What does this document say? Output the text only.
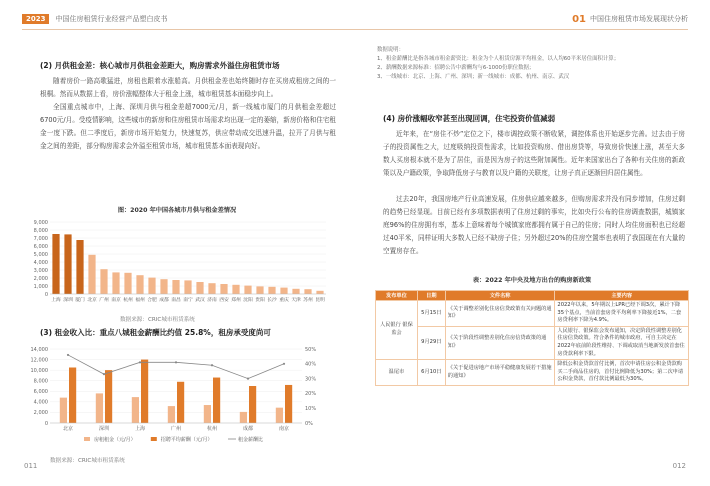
2023	中国住房租赁行业经营产品塑白皮书
(2) 月供租金差：核心城市月供租金差距大，购房需求外溢住房租赁市场
随着房价一路高歌猛进，房租也跟着水涨船高。月供租金差也始终随时存在买房成租房之间的一根桐。然而从数据上看，房价涨幅整体大于租金上涨，城市租赁基本面稳步向上。
全国重点城市中，上海、深圳月供与租金差超7000元/月，新一线城市厦门的月供租金差超过6700元/月。受疫情影响，这些城市的新房和住房租赁市场需求均出现一定的萎缩，新房价格和住宅租金一度下跌。但二季度后，新房市场开始复力，快速复苏，供应带动成交迅速升温，拉开了月供与租金之间的差距，部分购房需求会外溢至租赁市场，城市租赁基本面表现向好。
图：2020 年中国各城市月供与租金差情况
0
1,000
2,000
3,000
4,000
5,000
6,000
7,000
8,000
9,000
上海 深圳 厦门 北京 广州 南京 杭州 福州 合肥 成都 南昌 南宁 武汉 济南 西安 郑州 沈阳 贵阳 长沙 重庆 天津 苏州 昆明
数据来源：CRIC城市租赁系统
(3) 租金收入比：重点八城租金薪酬比约值 25.8%，租房承受度尚可
0
2,000
4,000
6,000
8,000
10,000
12,000
14,000
0%
10%
20%
30%
40%
50%
北京	深圳	上海	广州	杭州	成都	南京
房租租金（元/月）	招聘平均薪酬（元/月）	租金薪酬比
数据来源：CRIC城市租赁系统
011
01 中国住房租赁市场发展现状分析
数据说明：
1、租金薪酬比是指各城市租金薪资比：租金为个人租赁房源平均租金，以人均60平米居住面积计算；
2、薪酬数据来源标准：招聘公告中薪酬均与6-1000份职位数据；
3、一线城市：北京、上海、广州、深圳；新一线城市：成都、杭州、南京、武汉
(4) 房价涨幅收窄甚至出现回调，住宅投资价值减弱
近年来，在“房住不炒”定位之下，楼市调控政策不断收紧，调控体系也开始逐步完善。过去由于房子的投资属性之大，过度吸纳投资性需求，比如投资购房、借出房贷等，导致房价快速上涨，甚至大多数人买房根本就不是为了居住，而是因为房子的这些附加属性。近年来国家出台了各种有关住房的新政策以及户籍政策，争取降低房子与教育以及户籍的关联度，让房子真正逐渐回归居住属性。
过去20年，我国房地产行业高速发展，住房供应越来越多，但购房需求并没有同步增加，住房过剩的趋势已经显现。目前已经有多项数据表明了住房过剩的事实，比如央行公布的住房调查数据，城镇家庭96%的住房拥有率，基本上意味着每个城镇家庭都拥有属于自己的住房；同时人均住房面积也已经超过40平米，同样证明大多数人已经不缺房子住；另外超过20%的住房空置率也表明了我国现在有大量的空置房存在。
表：2022 年中央及地方出台的购房新政策
发布单位	日期	文件名称	主要内容
人民银行 银保监会	5月15日	《关于调整差别化住房信贷政策有关问题的通知》	2022年以来，5年期以上LPR已经下调3次，累计下降35个基点，当前首套房贷平均利率下降接近1%，二套房贷利率下降为4.9%。
	9月29日	《关于阶段性调整差别化住房信贷政策的通知》	人民银行、银保监会发布通知，决定阶段性调整差别化住房信贷政策。符合条件的城市政府，可自主决定在2022年底前阶段性维持、下调或取消当地新发放首套住房贷款利率下限。
温尾市	6月10日	《关于促进房地产市场平稳健康发展若干措施的通知》	降低公积金贷款首付比例，首次申请住房公积金贷款购买二手商品住房的，首付比例降低为30%；第二次申请公积金贷款，首付款比例最低为30%。
012
